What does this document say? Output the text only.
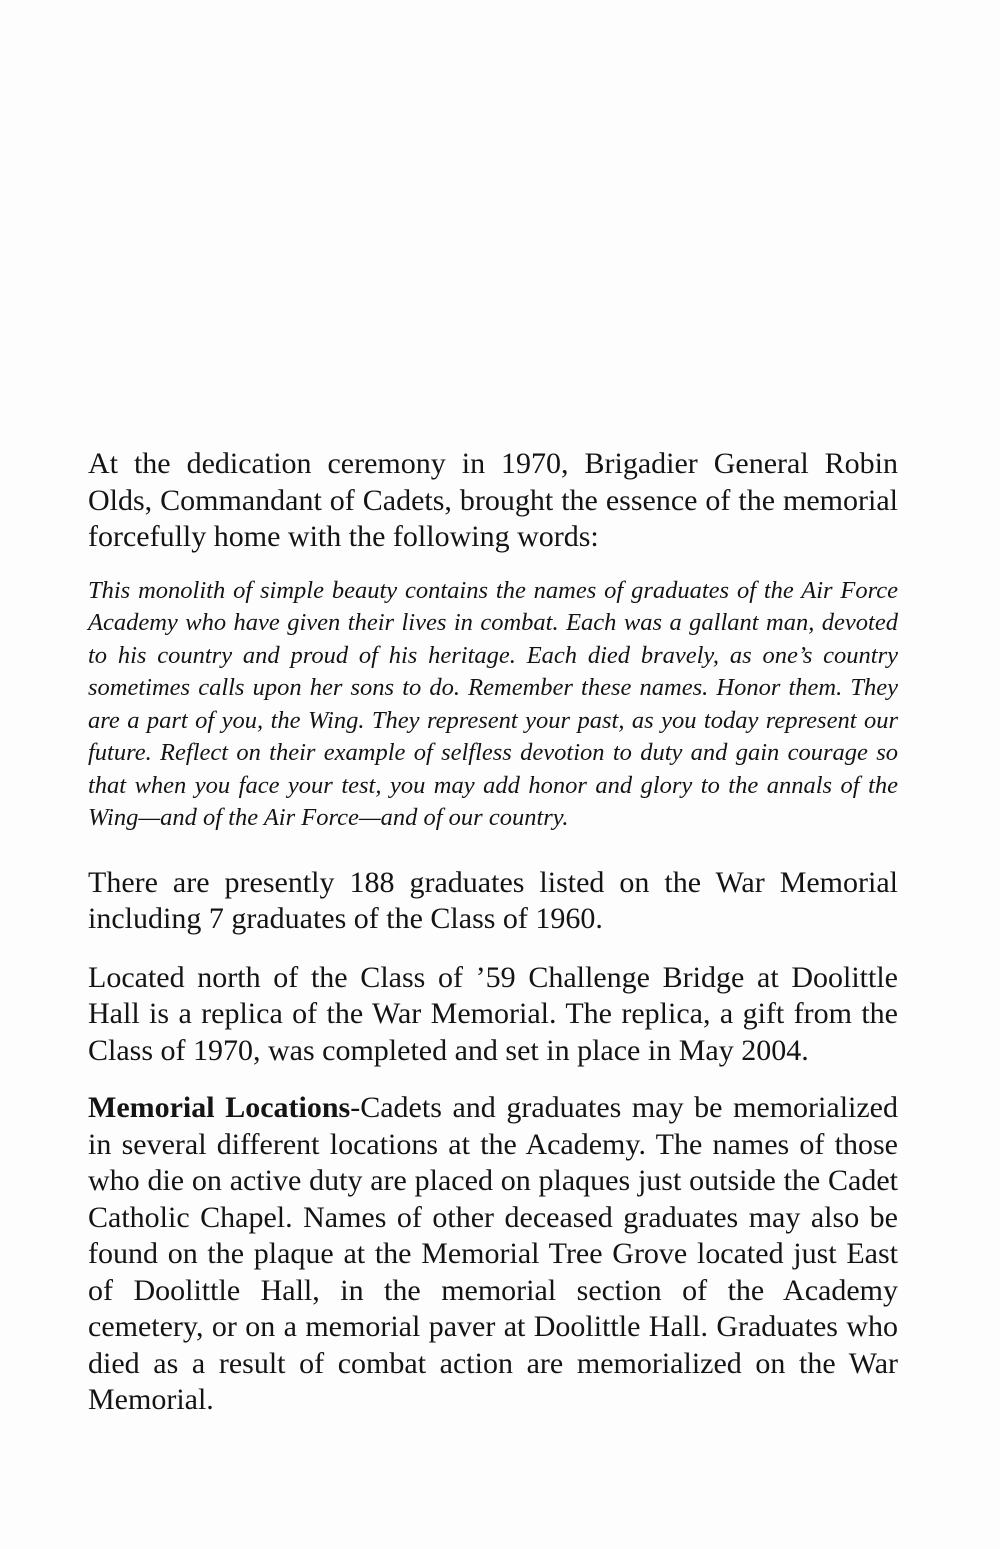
At the dedication ceremony in 1970, Brigadier General Robin Olds, Commandant of Cadets, brought the essence of the memorial forcefully home with the following words:

This monolith of simple beauty contains the names of graduates of the Air Force Academy who have given their lives in combat. Each was a gallant man, devoted to his country and proud of his heritage. Each died bravely, as one’s country sometimes calls upon her sons to do. Remember these names. Honor them. They are a part of you, the Wing. They represent your past, as you today represent our future. Reflect on their example of selfless devotion to duty and gain courage so that when you face your test, you may add honor and glory to the annals of the Wing—and of the Air Force—and of our country.

There are presently 188 graduates listed on the War Memorial including 7 graduates of the Class of 1960.

Located north of the Class of ’59 Challenge Bridge at Doolittle Hall is a replica of the War Memorial. The replica, a gift from the Class of 1970, was completed and set in place in May 2004.

Memorial Locations-Cadets and graduates may be memorialized in several different locations at the Academy. The names of those who die on active duty are placed on plaques just outside the Cadet Catholic Chapel. Names of other deceased graduates may also be found on the plaque at the Memorial Tree Grove located just East of Doolittle Hall, in the memorial section of the Academy cemetery, or on a memorial paver at Doolittle Hall. Graduates who died as a result of combat action are memorialized on the War Memorial.
